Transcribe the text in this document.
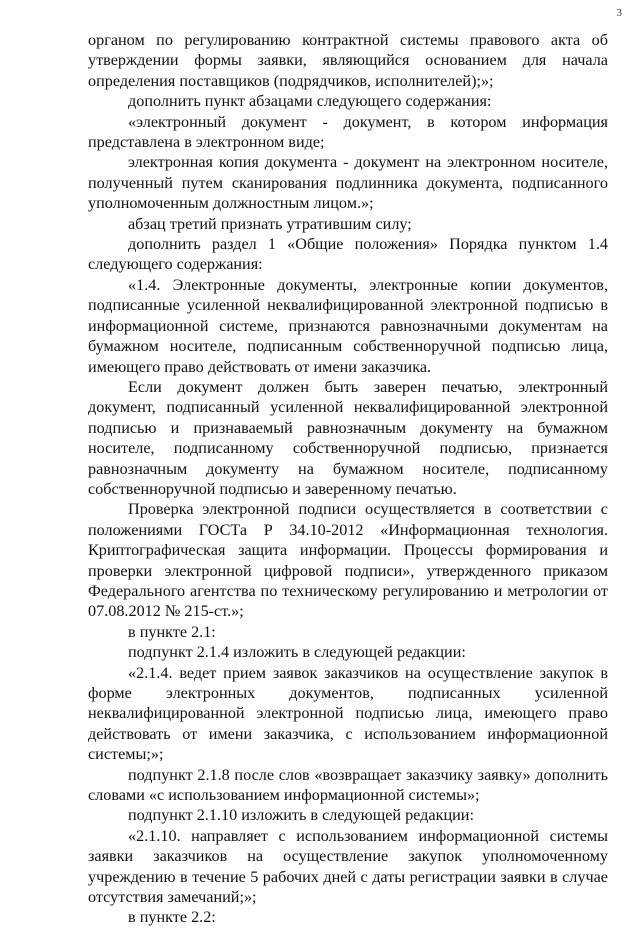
3

органом по регулированию контрактной системы правового акта об утверждении формы заявки, являющийся основанием для начала определения поставщиков (подрядчиков, исполнителей);»;

дополнить пункт абзацами следующего содержания:

«электронный документ - документ, в котором информация представлена в электронном виде;

электронная копия документа - документ на электронном носителе, полученный путем сканирования подлинника документа, подписанного уполномоченным должностным лицом.»;

абзац третий признать утратившим силу;

дополнить раздел 1 «Общие положения» Порядка пунктом 1.4 следующего содержания:

«1.4. Электронные документы, электронные копии документов, подписанные усиленной неквалифицированной электронной подписью в информационной системе, признаются равнозначными документам на бумажном носителе, подписанным собственноручной подписью лица, имеющего право действовать от имени заказчика.

Если документ должен быть заверен печатью, электронный документ, подписанный усиленной неквалифицированной электронной подписью и признаваемый равнозначным документу на бумажном носителе, подписанному собственноручной подписью, признается равнозначным документу на бумажном носителе, подписанному собственноручной подписью и заверенному печатью.

Проверка электронной подписи осуществляется в соответствии с положениями ГОСТа Р 34.10-2012 «Информационная технология. Криптографическая защита информации. Процессы формирования и проверки электронной цифровой подписи», утвержденного приказом Федерального агентства по техническому регулированию и метрологии от 07.08.2012 № 215-ст.»;

в пункте 2.1:

подпункт 2.1.4 изложить в следующей редакции:

«2.1.4. ведет прием заявок заказчиков на осуществление закупок в форме электронных документов, подписанных усиленной неквалифицированной электронной подписью лица, имеющего право действовать от имени заказчика, с использованием информационной системы;»;

подпункт 2.1.8 после слов «возвращает заказчику заявку» дополнить словами «с использованием информационной системы»;

подпункт 2.1.10 изложить в следующей редакции:

«2.1.10. направляет с использованием информационной системы заявки заказчиков на осуществление закупок уполномоченному учреждению в течение 5 рабочих дней с даты регистрации заявки в случае отсутствия замечаний;»;

в пункте 2.2:
